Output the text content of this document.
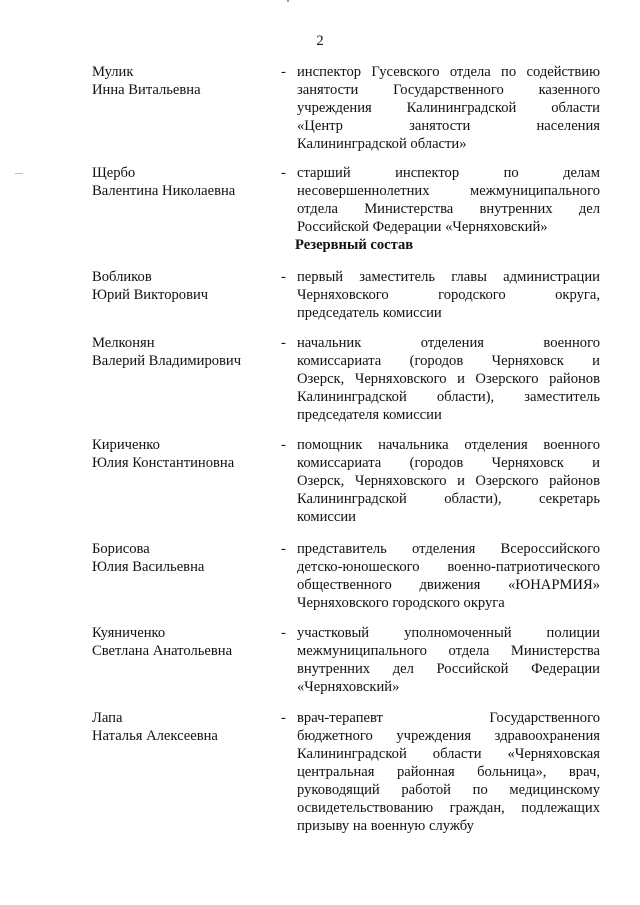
2
Мулик
Инна Витальевна
- инспектор Гусевского отдела по содействию
занятости Государственного казенного
учреждения Калининградской области
«Центр занятости населения
Калининградской области»
Щербо
Валентина Николаевна
- старший инспектор по делам
несовершеннолетних межмуниципального
отдела Министерства внутренних дел
Российской Федерации «Черняховский»
Резервный состав
Вобликов
Юрий Викторович
- первый заместитель главы администрации
Черняховского городского округа,
председатель комиссии
Мелконян
Валерий Владимирович
- начальник отделения военного
комиссариата (городов Черняховск и
Озерск, Черняховского и Озерского районов
Калининградской области), заместитель
председателя комиссии
Кириченко
Юлия Константиновна
- помощник начальника отделения военного
комиссариата (городов Черняховск и
Озерск, Черняховского и Озерского районов
Калининградской области), секретарь
комиссии
Борисова
Юлия Васильевна
- представитель отделения Всероссийского
детско-юношеского военно-патриотического
общественного движения «ЮНАРМИЯ»
Черняховского городского округа
Куяниченко
Светлана Анатольевна
- участковый уполномоченный полиции
межмуниципального отдела Министерства
внутренних дел Российской Федерации
«Черняховский»
Лапа
Наталья Алексеевна
- врач-терапевт Государственного
бюджетного учреждения здравоохранения
Калининградской области «Черняховская
центральная районная больница», врач,
руководящий работой по медицинскому
освидетельствованию граждан, подлежащих
призыву на военную службу
